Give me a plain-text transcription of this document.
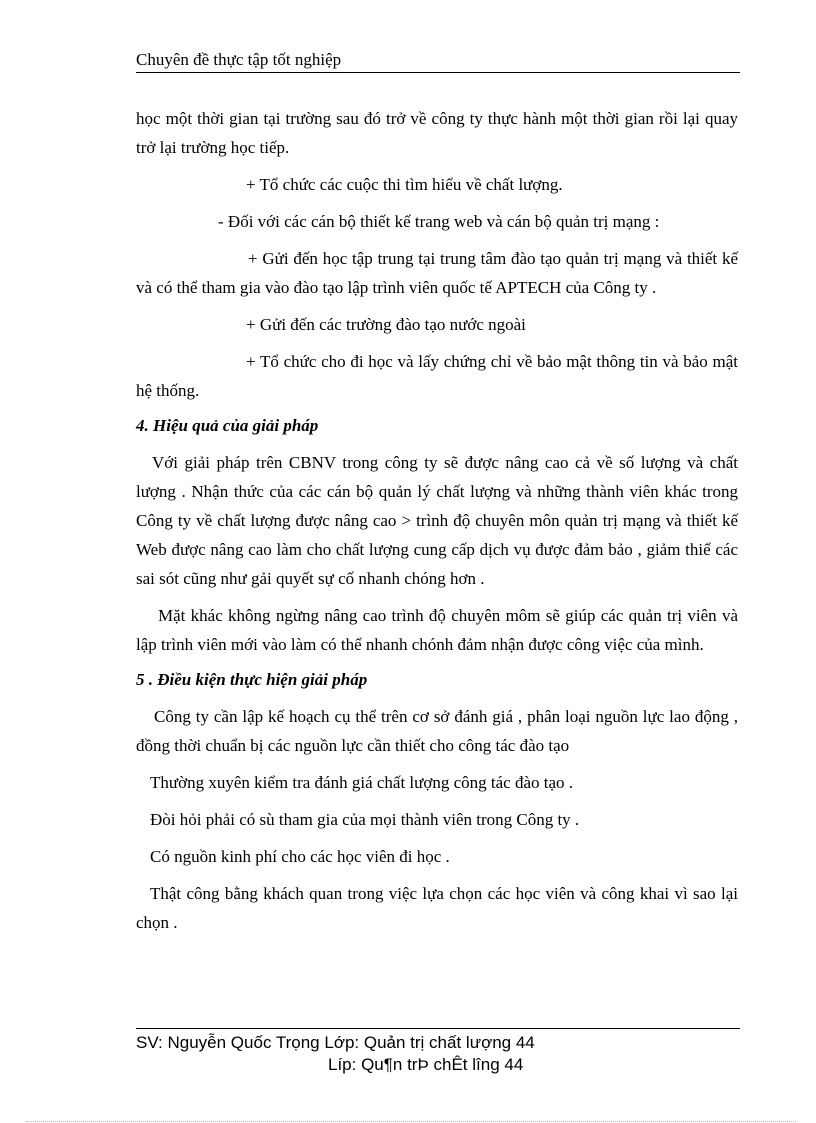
Chuyên đề thực tập tốt nghiệp

học một thời gian tại trường sau đó trở về công ty thực hành một thời gian rồi lại quay trở lại trường học tiếp.

+ Tổ chức các cuộc thi tìm hiểu về chất lượng.

- Đối với các cán bộ thiết kế trang web và cán bộ quản trị mạng :

+ Gửi đến học tập trung tại trung tâm đào tạo quản trị mạng và thiết kế và có thể tham gia vào đào tạo lập trình viên quốc tế APTECH của Công ty .

+ Gửi đến các trường đào tạo nước ngoài

+ Tổ chức cho đi học và lấy chứng chỉ về bảo mật thông tin và bảo mật hệ thống.

4. Hiệu quả của giải pháp

Với giải pháp trên CBNV trong công ty sẽ được nâng cao cả về số lượng và chất lượng . Nhận thức của các cán bộ quản lý chất lượng và những thành viên khác trong Công ty về chất lượng được nâng cao > trình độ chuyên môn quản trị mạng và thiết kế Web được nâng cao làm cho chất lượng cung cấp dịch vụ được đảm bảo , giảm thiể các sai sót cũng như gải quyết sự cố nhanh chóng hơn .

Mặt khác không ngừng nâng cao trình độ chuyên môm sẽ giúp các quản trị viên và lập trình viên mới vào làm có thể nhanh chónh đảm nhận được công việc của mình.

5 . Điều kiện thực hiện giải pháp

Công ty cần lập kế hoạch cụ thể trên cơ sở đánh giá , phân loại nguồn lực lao động , đồng thời chuẩn bị các nguồn lực cần thiết cho công tác đào tạo

Thường xuyên kiểm tra đánh giá chất lượng công tác đào tạo .

Đòi hỏi phải có sù tham gia của mọi thành viên trong Công ty .

Có nguồn kinh phí cho các học viên đi học .

Thật công bằng khách quan trong việc lựa chọn các học viên và công khai vì sao lại chọn .

SV: Nguyễn Quốc Trọng Lớp: Quản trị chất lượng 44
Líp: Qu¶n trÞ chÊt lîng 44
